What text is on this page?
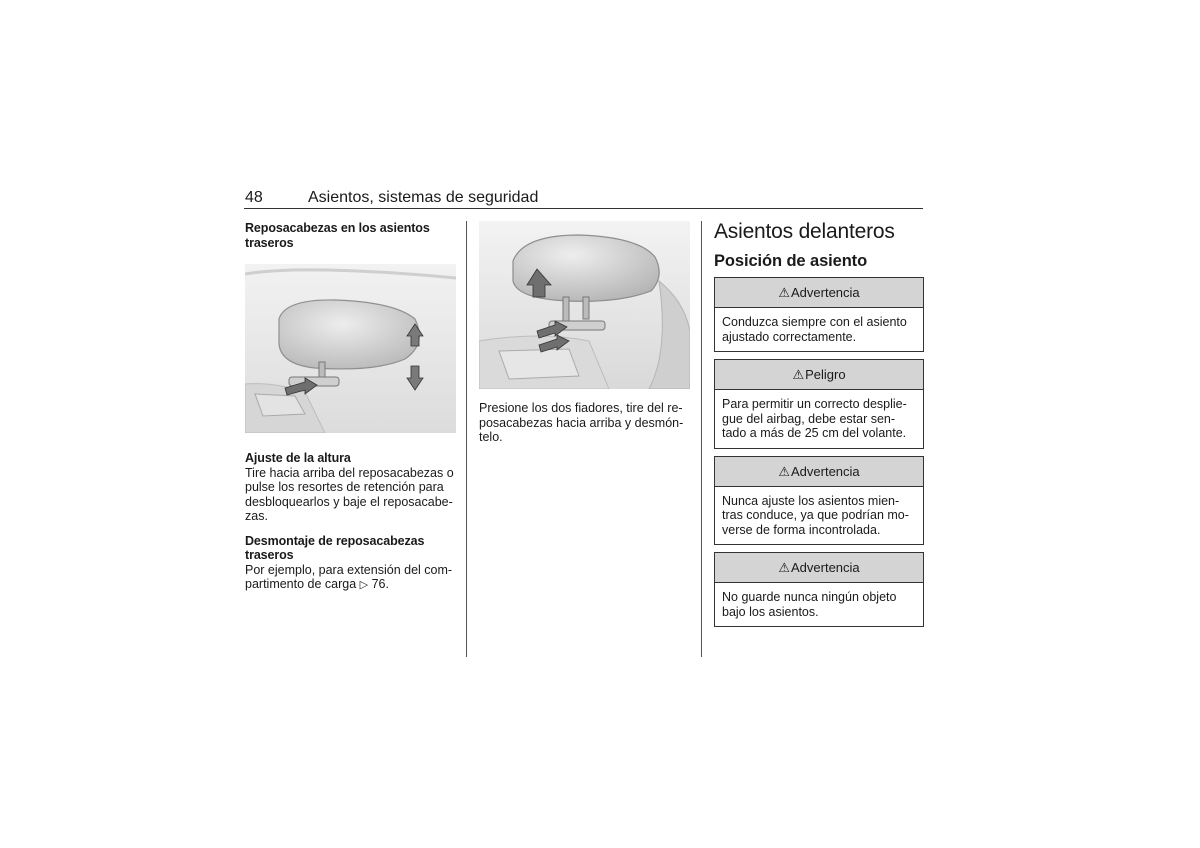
48	Asientos, sistemas de seguridad
Reposacabezas en los asientos traseros
Ajuste de la altura

Tire hacia arriba del reposacabezas o pulse los resortes de retención para desbloquearlos y baje el reposacabe-zas.

Desmontaje de reposacabezas traseros

Por ejemplo, para extensión del com-partimento de carga ▷ 76.

Presione los dos fiadores, tire del re-posacabezas hacia arriba y desmón-telo.

Asientos delanteros
Posición de asiento
⚠Advertencia
Conduzca siempre con el asiento ajustado correctamente.
⚠Peligro
Para permitir un correcto desplie-gue del airbag, debe estar sen-tado a más de 25 cm del volante.
⚠Advertencia
Nunca ajuste los asientos mien-tras conduce, ya que podrían mo-verse de forma incontrolada.
⚠Advertencia
No guarde nunca ningún objeto bajo los asientos.
